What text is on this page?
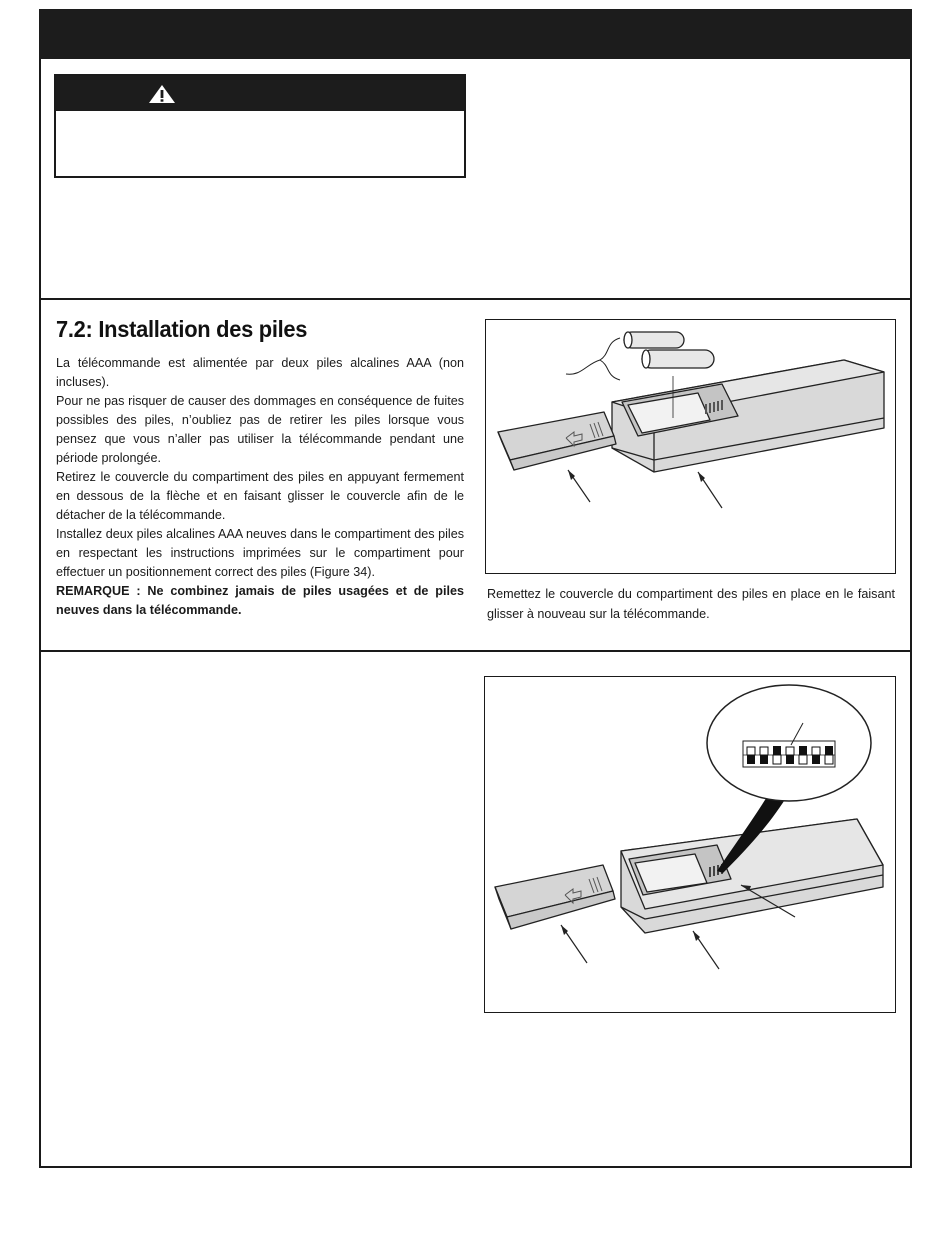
7.2: Installation des piles

La télécommande est alimentée par deux piles alcalines AAA (non incluses).

Pour ne pas risquer de causer des dommages en conséquence de fuites possibles des piles, n’oubliez pas de retirer les piles lorsque vous pensez que vous n’aller pas utiliser la télécommande pendant une période prolongée.

Retirez le couvercle du compartiment des piles en appuyant fermement en dessous de la flèche et en faisant glisser le couvercle afin de le détacher de la télécommande.

Installez deux piles alcalines AAA neuves dans le compartiment des piles en respectant les instructions imprimées sur le compartiment pour effectuer un positionnement correct des piles (Figure 34).

REMARQUE : Ne combinez jamais de piles usagées et de piles neuves dans la télécommande.

Remettez le couvercle du compartiment des piles en place en le faisant glisser à nouveau sur la télécommande.
